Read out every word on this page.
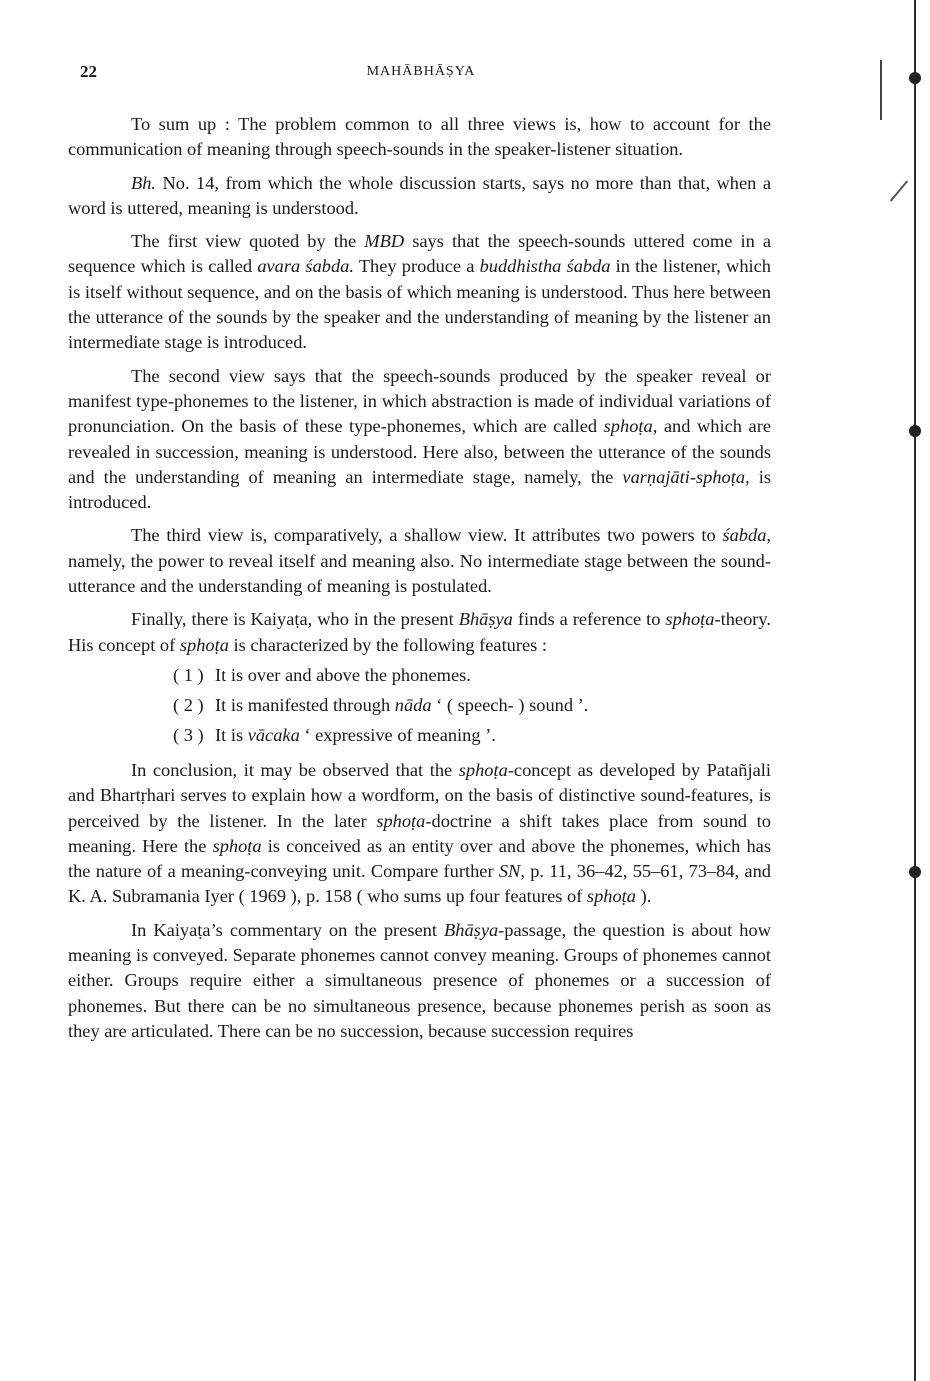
22	MAHĀBHĀṢYA

To sum up : The problem common to all three views is, how to account for the communication of meaning through speech-sounds in the speaker-listener situation.

Bh. No. 14, from which the whole discussion starts, says no more than that, when a word is uttered, meaning is understood.

The first view quoted by the MBD says that the speech-sounds uttered come in a sequence which is called avara śabda. They produce a buddhistha śabda in the listener, which is itself without sequence, and on the basis of which meaning is understood. Thus here between the utterance of the sounds by the speaker and the understanding of meaning by the listener an intermediate stage is introduced.

The second view says that the speech-sounds produced by the speaker reveal or manifest type-phonemes to the listener, in which abstraction is made of individual variations of pronunciation. On the basis of these type-phonemes, which are called sphoṭa, and which are revealed in succession, meaning is understood. Here also, between the utterance of the sounds and the understanding of meaning an intermediate stage, namely, the varṇajāti-sphoṭa, is introduced.

The third view is, comparatively, a shallow view. It attributes two powers to śabda, namely, the power to reveal itself and meaning also. No intermediate stage between the sound-utterance and the understanding of meaning is postulated.

Finally, there is Kaiyaṭa, who in the present Bhāṣya finds a reference to sphoṭa-theory. His concept of sphoṭa is characterized by the following features :

( 1 ) It is over and above the phonemes.
( 2 ) It is manifested through nāda ‘ ( speech- ) sound ’.
( 3 ) It is vācaka ‘ expressive of meaning ’.

In conclusion, it may be observed that the sphoṭa-concept as developed by Patañjali and Bhartṛhari serves to explain how a wordform, on the basis of distinctive sound-features, is perceived by the listener. In the later sphoṭa-doctrine a shift takes place from sound to meaning. Here the sphoṭa is conceived as an entity over and above the phonemes, which has the nature of a meaning-conveying unit. Compare further SN, p. 11, 36–42, 55–61, 73–84, and K. A. Subramania Iyer ( 1969 ), p. 158 ( who sums up four features of sphoṭa ).

In Kaiyaṭa’s commentary on the present Bhāṣya-passage, the question is about how meaning is conveyed. Separate phonemes cannot convey meaning. Groups of phonemes cannot either. Groups require either a simultaneous presence of phonemes or a succession of phonemes. But there can be no simultaneous presence, because phonemes perish as soon as they are articulated. There can be no succession, because succession requires
